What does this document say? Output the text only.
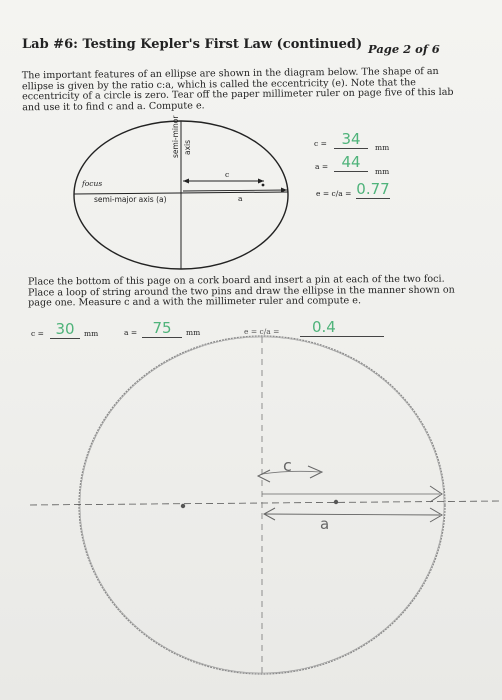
Lab #6: Testing Kepler's First Law (continued) Page 2 of 6
The important features of an ellipse are shown in the diagram below. The shape of an ellipse is given by the ratio c:a, which is called the eccentricity (e). Note that the eccentricity of a circle is zero. Tear off the paper millimeter ruler on page five of this lab and use it to find c and a. Compute e.
semi-minor axis
focus
semi-major axis (a)
c
a
c = 34	mm
a = 44
mm
e = c/a = 0.77
Place the bottom of this page on a cork board and insert a pin at each of the two foci. Place a loop of string around the two pins and draw the ellipse in the manner shown on page one. Measure c and a with the millimeter ruler and compute e.
c = 30	mm	a =	75	mm	e = c/a =	0.4
c
a
